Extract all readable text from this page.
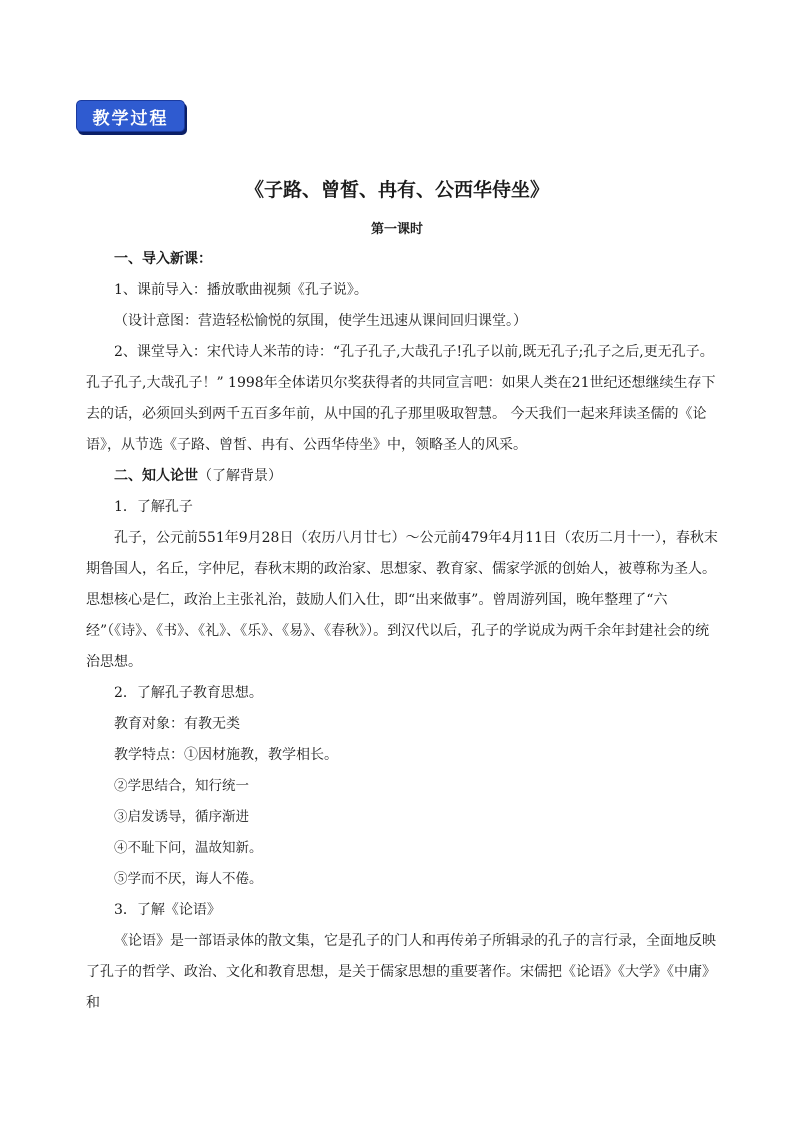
教学过程
《子路、曾皙、冉有、公西华侍坐》
第一课时

一、导入新课：

1、课前导入：播放歌曲视频《孔子说》。

（设计意图：营造轻松愉悦的氛围，使学生迅速从课间回归课堂。）

2、课堂导入：宋代诗人米芾的诗：“孔子孔子,大哉孔子!孔子以前,既无孔子;孔子之后,更无孔子。孔子孔子,大哉孔子！” 1998年全体诺贝尔奖获得者的共同宣言吧：如果人类在21世纪还想继续生存下去的话，必须回头到两千五百多年前，从中国的孔子那里吸取智慧。 今天我们一起来拜读圣儒的《论语》，从节选《子路、曾皙、冉有、公西华侍坐》中，领略圣人的风采。

二、知人论世（了解背景）

1．了解孔子

孔子，公元前551年9月28日（农历八月廿七）～公元前479年4月11日（农历二月十一），春秋末期鲁国人，名丘，字仲尼，春秋末期的政治家、思想家、教育家、儒家学派的创始人，被尊称为圣人。思想核心是仁，政治上主张礼治，鼓励人们入仕，即“出来做事”。曾周游列国，晚年整理了“六经”（《诗》、《书》、《礼》、《乐》、《易》、《春秋》）。到汉代以后，孔子的学说成为两千余年封建社会的统治思想。

2．了解孔子教育思想。

教育对象：有教无类

教学特点：①因材施教，教学相长。

②学思结合，知行统一

③启发诱导，循序渐进

④不耻下问，温故知新。

⑤学而不厌，诲人不倦。

3．了解《论语》

《论语》是一部语录体的散文集，它是孔子的门人和再传弟子所辑录的孔子的言行录，全面地反映了孔子的哲学、政治、文化和教育思想，是关于儒家思想的重要著作。宋儒把《论语》《大学》《中庸》和
